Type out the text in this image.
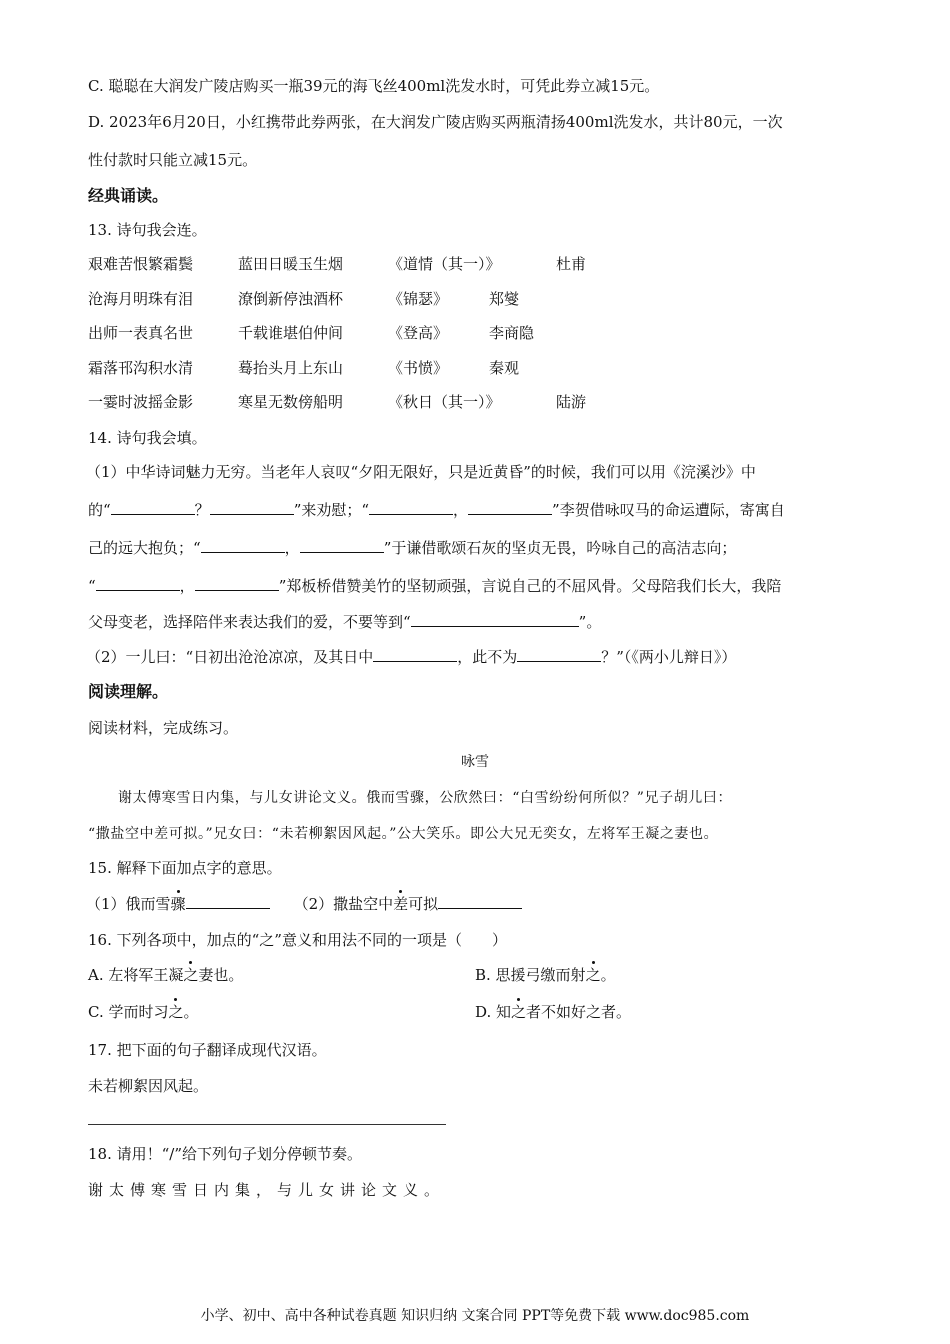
C. 聪聪在大润发广陵店购买一瓶39元的海飞丝400ml洗发水时，可凭此券立减15元。
D. 2023年6月20日，小红携带此券两张，在大润发广陵店购买两瓶清扬400ml洗发水，共计80元，一次
性付款时只能立减15元。
经典诵读。
13. 诗句我会连。
艰难苦恨繁霜鬓	蓝田日暖玉生烟	《道情（其一）》	杜甫
沧海月明珠有泪	潦倒新停浊酒杯	《锦瑟》	郑燮
出师一表真名世	千载谁堪伯仲间	《登高》	李商隐
霜落邗沟积水清	蓦抬头月上东山	《书愤》	秦观
一霎时波摇金影	寒星无数傍船明	《秋日（其一）》	陆游
14. 诗句我会填。
（1）中华诗词魅力无穷。当老年人哀叹“夕阳无限好，只是近黄昏”的时候，我们可以用《浣溪沙》中
的“	？	”来劝慰；“	，	”李贺借咏叹马的命运遭际，寄寓自
己的远大抱负；“	，	”于谦借歌颂石灰的坚贞无畏，吟咏自己的高洁志向；
“	，	”郑板桥借赞美竹的坚韧顽强，言说自己的不屈风骨。父母陪我们长大，我陪
父母变老，选择陪伴来表达我们的爱，不要等到“	”。
（2）一儿曰：“日初出沧沧凉凉，及其日中	，此不为	？”（《两小儿辩日》）
阅读理解。
阅读材料，完成练习。
咏雪
谢太傅寒雪日内集，与儿女讲论文义。俄而雪骤，公欣然曰：“白雪纷纷何所似？”兄子胡儿曰：
“撒盐空中差可拟。”兄女曰：“未若柳絮因风起。”公大笑乐。即公大兄无奕女，左将军王凝之妻也。
15. 解释下面加点字的意思。
（1）俄而雪骤	（2）撒盐空中差可拟
16. 下列各项中，加点的“之”意义和用法不同的一项是（　　）
A. 左将军王凝之妻也。	B. 思援弓缴而射之。
C. 学而时习之。	D. 知之者不如好之者。
17. 把下面的句子翻译成现代汉语。
未若柳絮因风起。
18. 请用！“/”给下列句子划分停顿节奏。
谢太傅寒雪日内集，与儿女讲论文义。
小学、初中、高中各种试卷真题 知识归纳 文案合同 PPT等免费下载 www.doc985.com
